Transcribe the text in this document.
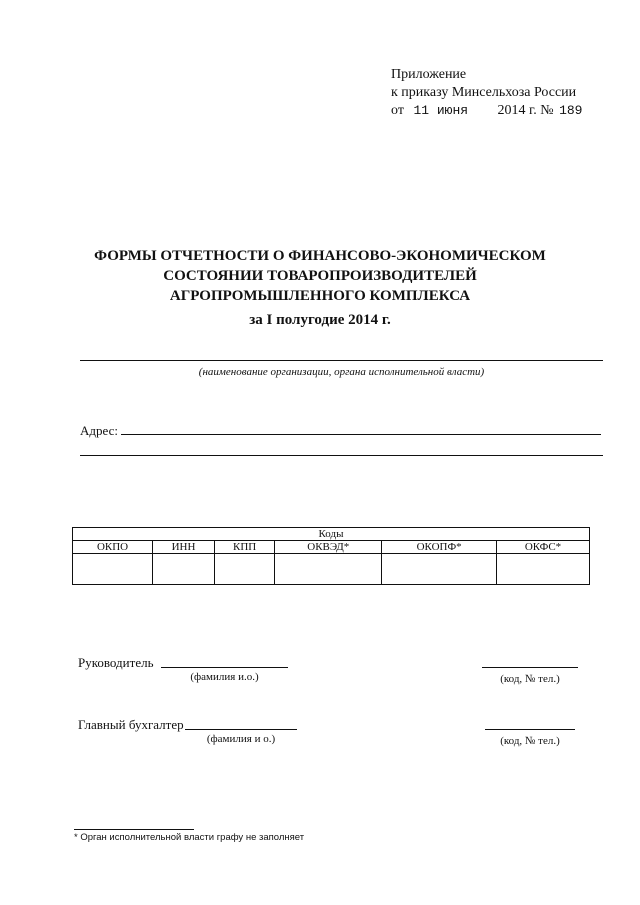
Приложение
к приказу Минсельхоза России
от 11 июня 2014 г. № 189
ФОРМЫ ОТЧЕТНОСТИ О ФИНАНСОВО-ЭКОНОМИЧЕСКОМ
СОСТОЯНИИ ТОВАРОПРОИЗВОДИТЕЛЕЙ
АГРОПРОМЫШЛЕННОГО КОМПЛЕКСА
за I полугодие 2014 г.
(наименование организации, органа исполнительной власти)
Адрес:
Коды					
ОКПО	ИНН	КПП	ОКВЭД*	ОКОПФ*	ОКФС*

Руководитель
(фамилия и.о.)	(код, № тел.)
Главный бухгалтер
(фамилия и о.)	(код, № тел.)
* Орган исполнительной власти графу не заполняет
